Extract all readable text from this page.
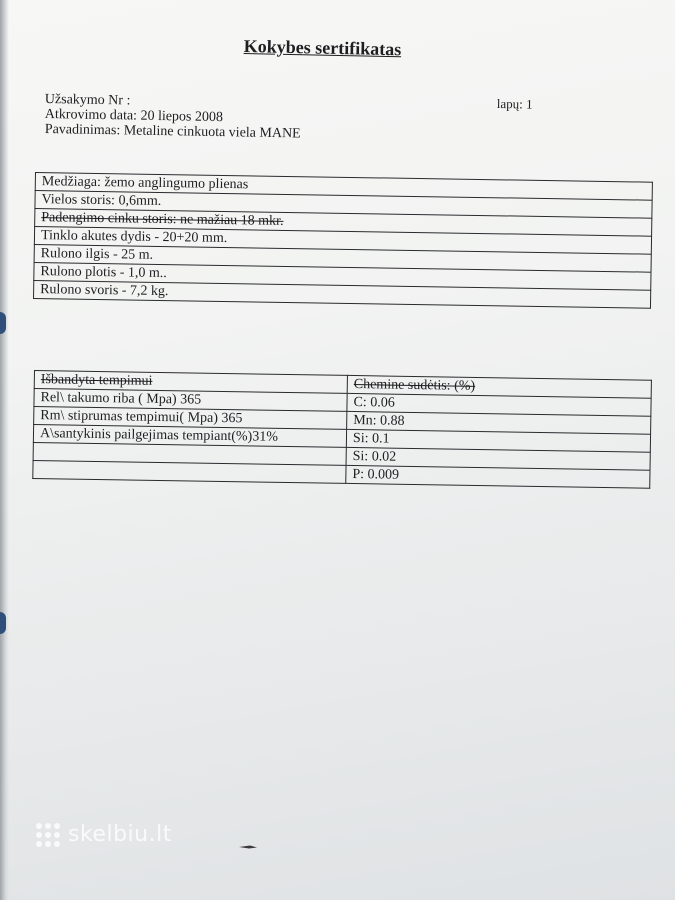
Kokybes sertifikatas
Užsakymo Nr :
Atkrovimo data: 20 liepos 2008
Pavadinimas: Metaline cinkuota viela MANE
lapų: 1
Medžiaga: žemo anglingumo plienas
Vielos storis: 0,6mm.
Padengimo cinku storis: ne mažiau 18 mkr.
Tinklo akutes dydis - 20+20 mm.
Rulono ilgis - 25 m.
Rulono plotis - 1,0 m..
Rulono svoris - 7,2 kg.
Išbandyta tempimui	Chemine sudėtis: (%)
Rel\ takumo riba ( Mpa) 365	C: 0.06
Rm\ stiprumas tempimui( Mpa) 365	Mn: 0.88
A\santykinis pailgejimas tempiant(%)31%	Si: 0.1
	Si: 0.02
	P: 0.009
skelbiu.lt
